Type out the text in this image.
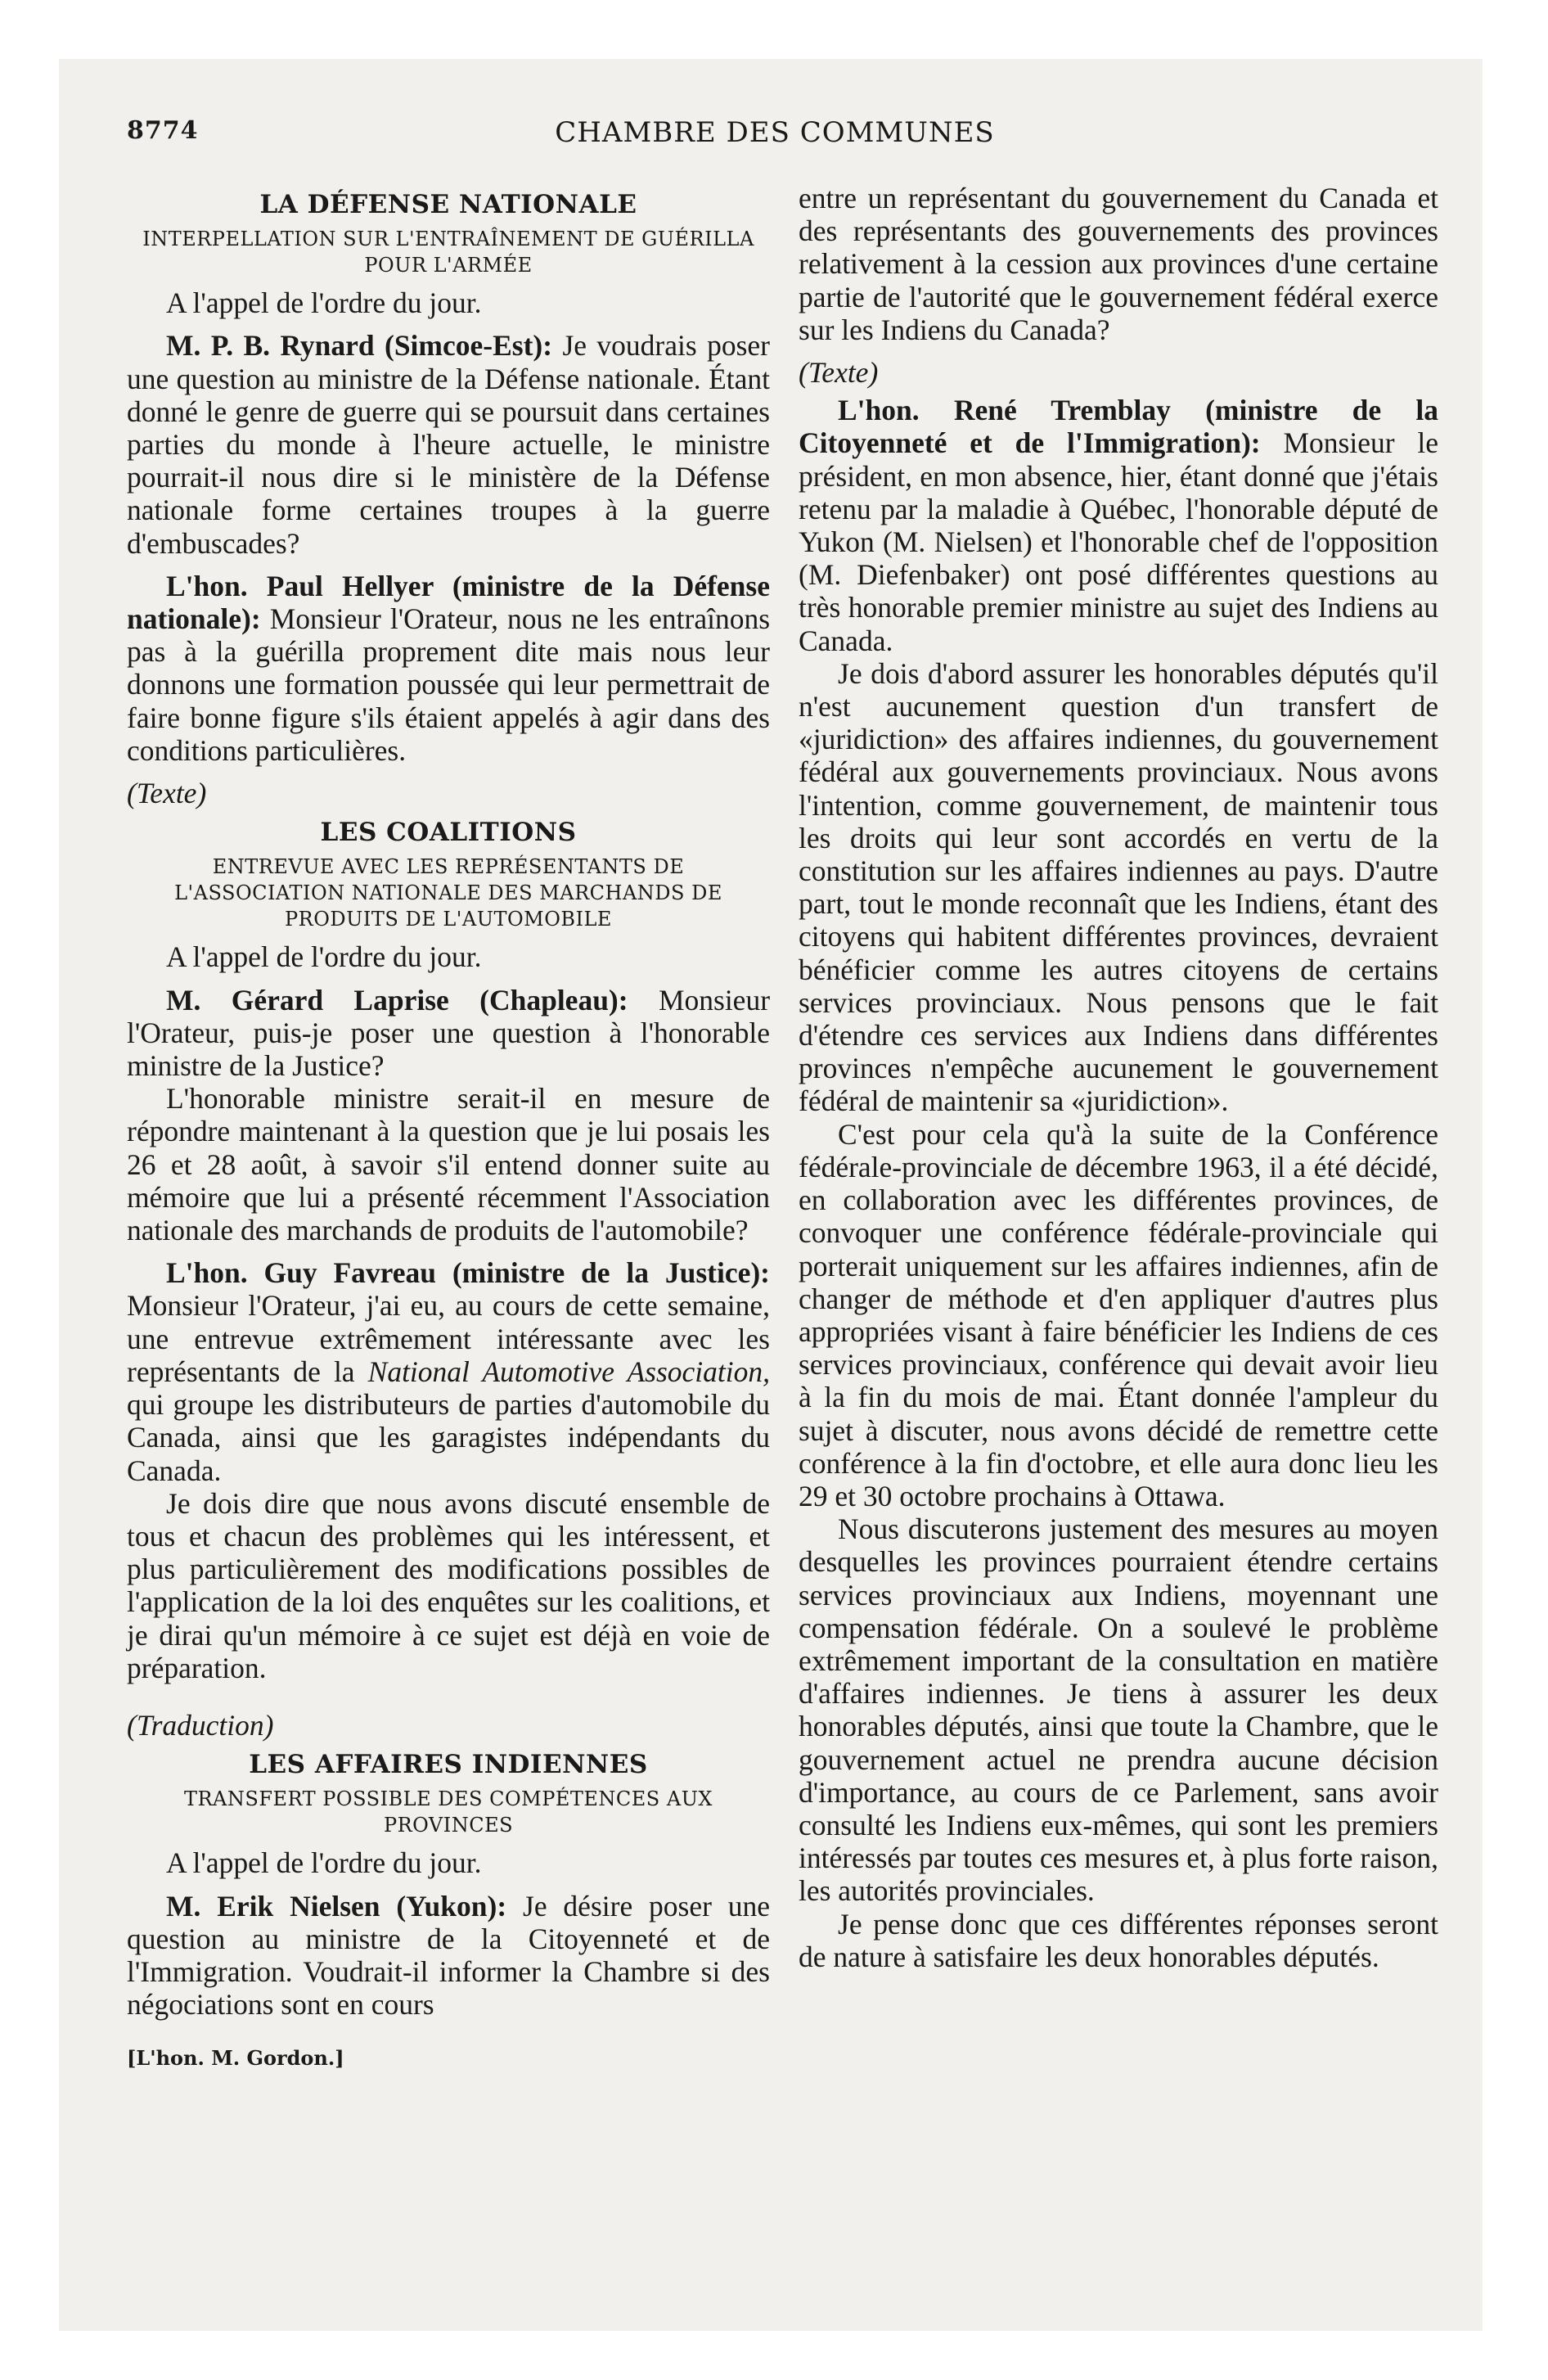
8774	CHAMBRE DES COMMUNES
LA DÉFENSE NATIONALE
INTERPELLATION SUR L'ENTRAÎNEMENT DE GUÉRILLA POUR L'ARMÉE

A l'appel de l'ordre du jour.

M. P. B. Rynard (Simcoe-Est): Je voudrais poser une question au ministre de la Défense nationale. Étant donné le genre de guerre qui se poursuit dans certaines parties du monde à l'heure actuelle, le ministre pourrait-il nous dire si le ministère de la Défense nationale forme certaines troupes à la guerre d'embuscades?

L'hon. Paul Hellyer (ministre de la Défense nationale): Monsieur l'Orateur, nous ne les entraînons pas à la guérilla proprement dite mais nous leur donnons une formation poussée qui leur permettrait de faire bonne figure s'ils étaient appelés à agir dans des conditions particulières.

(Texte)

LES COALITIONS
ENTREVUE AVEC LES REPRÉSENTANTS DE L'ASSOCIATION NATIONALE DES MARCHANDS DE PRODUITS DE L'AUTOMOBILE

A l'appel de l'ordre du jour.

M. Gérard Laprise (Chapleau): Monsieur l'Orateur, puis-je poser une question à l'honorable ministre de la Justice?

L'honorable ministre serait-il en mesure de répondre maintenant à la question que je lui posais les 26 et 28 août, à savoir s'il entend donner suite au mémoire que lui a présenté récemment l'Association nationale des marchands de produits de l'automobile?

L'hon. Guy Favreau (ministre de la Justice): Monsieur l'Orateur, j'ai eu, au cours de cette semaine, une entrevue extrêmement intéressante avec les représentants de la National Automotive Association, qui groupe les distributeurs de parties d'automobile du Canada, ainsi que les garagistes indépendants du Canada.

Je dois dire que nous avons discuté ensemble de tous et chacun des problèmes qui les intéressent, et plus particulièrement des modifications possibles de l'application de la loi des enquêtes sur les coalitions, et je dirai qu'un mémoire à ce sujet est déjà en voie de préparation.

(Traduction)

LES AFFAIRES INDIENNES
TRANSFERT POSSIBLE DES COMPÉTENCES AUX PROVINCES

A l'appel de l'ordre du jour.

M. Erik Nielsen (Yukon): Je désire poser une question au ministre de la Citoyenneté et de l'Immigration. Voudrait-il informer la Chambre si des négociations sont en cours

[L'hon. M. Gordon.]

entre un représentant du gouvernement du Canada et des représentants des gouvernements des provinces relativement à la cession aux provinces d'une certaine partie de l'autorité que le gouvernement fédéral exerce sur les Indiens du Canada?

(Texte)

L'hon. René Tremblay (ministre de la Citoyenneté et de l'Immigration): Monsieur le président, en mon absence, hier, étant donné que j'étais retenu par la maladie à Québec, l'honorable député de Yukon (M. Nielsen) et l'honorable chef de l'opposition (M. Diefenbaker) ont posé différentes questions au très honorable premier ministre au sujet des Indiens au Canada.

Je dois d'abord assurer les honorables députés qu'il n'est aucunement question d'un transfert de «juridiction» des affaires indiennes, du gouvernement fédéral aux gouvernements provinciaux. Nous avons l'intention, comme gouvernement, de maintenir tous les droits qui leur sont accordés en vertu de la constitution sur les affaires indiennes au pays. D'autre part, tout le monde reconnaît que les Indiens, étant des citoyens qui habitent différentes provinces, devraient bénéficier comme les autres citoyens de certains services provinciaux. Nous pensons que le fait d'étendre ces services aux Indiens dans différentes provinces n'empêche aucunement le gouvernement fédéral de maintenir sa «juridiction».

C'est pour cela qu'à la suite de la Conférence fédérale-provinciale de décembre 1963, il a été décidé, en collaboration avec les différentes provinces, de convoquer une conférence fédérale-provinciale qui porterait uniquement sur les affaires indiennes, afin de changer de méthode et d'en appliquer d'autres plus appropriées visant à faire bénéficier les Indiens de ces services provinciaux, conférence qui devait avoir lieu à la fin du mois de mai. Étant donnée l'ampleur du sujet à discuter, nous avons décidé de remettre cette conférence à la fin d'octobre, et elle aura donc lieu les 29 et 30 octobre prochains à Ottawa.

Nous discuterons justement des mesures au moyen desquelles les provinces pourraient étendre certains services provinciaux aux Indiens, moyennant une compensation fédérale. On a soulevé le problème extrêmement important de la consultation en matière d'affaires indiennes. Je tiens à assurer les deux honorables députés, ainsi que toute la Chambre, que le gouvernement actuel ne prendra aucune décision d'importance, au cours de ce Parlement, sans avoir consulté les Indiens eux-mêmes, qui sont les premiers intéressés par toutes ces mesures et, à plus forte raison, les autorités provinciales.

Je pense donc que ces différentes réponses seront de nature à satisfaire les deux honorables députés.
